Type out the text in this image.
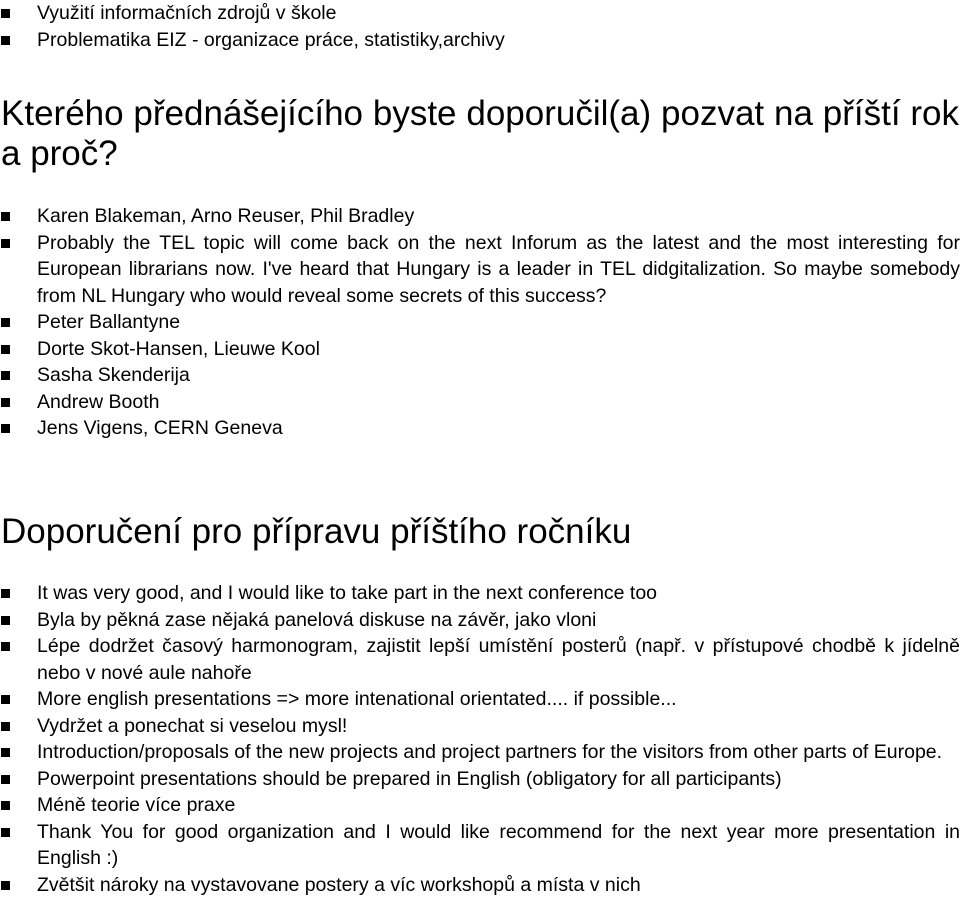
Využití informačních zdrojů v škole
Problematika EIZ - organizace práce, statistiky,archivy
Kterého přednášejícího byste doporučil(a) pozvat na příští rok a proč?
Karen Blakeman, Arno Reuser, Phil Bradley
Probably the TEL topic will come back on the next Inforum as the latest and the most interesting for European librarians now. I've heard that Hungary is a leader in TEL didgitalization. So maybe somebody from NL Hungary who would reveal some secrets of this success?
Peter Ballantyne
Dorte Skot-Hansen, Lieuwe Kool
Sasha Skenderija
Andrew Booth
Jens Vigens, CERN Geneva
Doporučení pro přípravu příštího ročníku
It was very good, and I would like to take part in the next conference too
Byla by pěkná zase nějaká panelová diskuse na závěr, jako vloni
Lépe dodržet časový harmonogram, zajistit lepší umístění posterů (např. v přístupové chodbě k jídelně nebo v nové aule nahoře
More english presentations => more intenational orientated.... if possible...
Vydržet a ponechat si veselou mysl!
Introduction/proposals of the new projects and project partners for the visitors from other parts of Europe.
Powerpoint presentations should be prepared in English (obligatory for all participants)
Méně teorie více praxe
Thank You for good organization and I would like recommend for the next year more presentation in English :)
Zvětšit nároky na vystavovane postery a víc workshopů a místa v nich
